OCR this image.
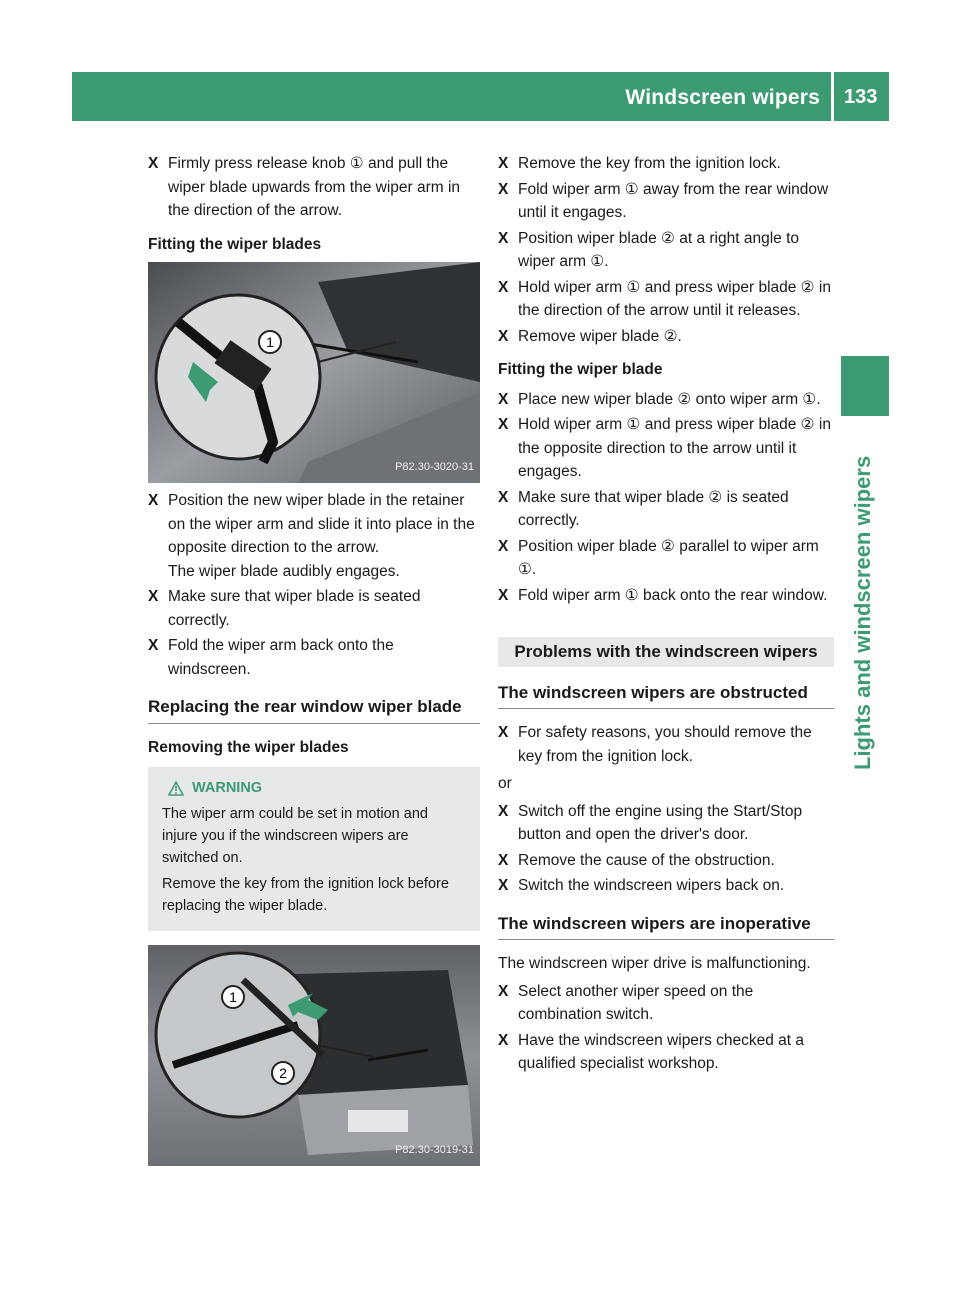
Windscreen wipers 133
Lights and windscreen wipers
X Firmly press release knob ① and pull the wiper blade upwards from the wiper arm in the direction of the arrow.
Fitting the wiper blades
1
P82.30-3020-31
X Position the new wiper blade in the retainer on the wiper arm and slide it into place in the opposite direction to the arrow.
The wiper blade audibly engages.
X Make sure that wiper blade is seated correctly.
X Fold the wiper arm back onto the windscreen.
Replacing the rear window wiper blade
Removing the wiper blades
WARNING

The wiper arm could be set in motion and injure you if the windscreen wipers are switched on.

Remove the key from the ignition lock before replacing the wiper blade.

1
2
P82.30-3019-31
X Remove the key from the ignition lock.
X Fold wiper arm ① away from the rear window until it engages.
X Position wiper blade ② at a right angle to wiper arm ①.
X Hold wiper arm ① and press wiper blade ② in the direction of the arrow until it releases.
X Remove wiper blade ②.
Fitting the wiper blade
X Place new wiper blade ② onto wiper arm ①.
X Hold wiper arm ① and press wiper blade ② in the opposite direction to the arrow until it engages.
X Make sure that wiper blade ② is seated correctly.
X Position wiper blade ② parallel to wiper arm ①.
X Fold wiper arm ① back onto the rear window.
Problems with the windscreen wipers
The windscreen wipers are obstructed
X For safety reasons, you should remove the key from the ignition lock.
or
X Switch off the engine using the Start/Stop button and open the driver's door.
X Remove the cause of the obstruction.
X Switch the windscreen wipers back on.
The windscreen wipers are inoperative
The windscreen wiper drive is malfunctioning.
X Select another wiper speed on the combination switch.
X Have the windscreen wipers checked at a qualified specialist workshop.
